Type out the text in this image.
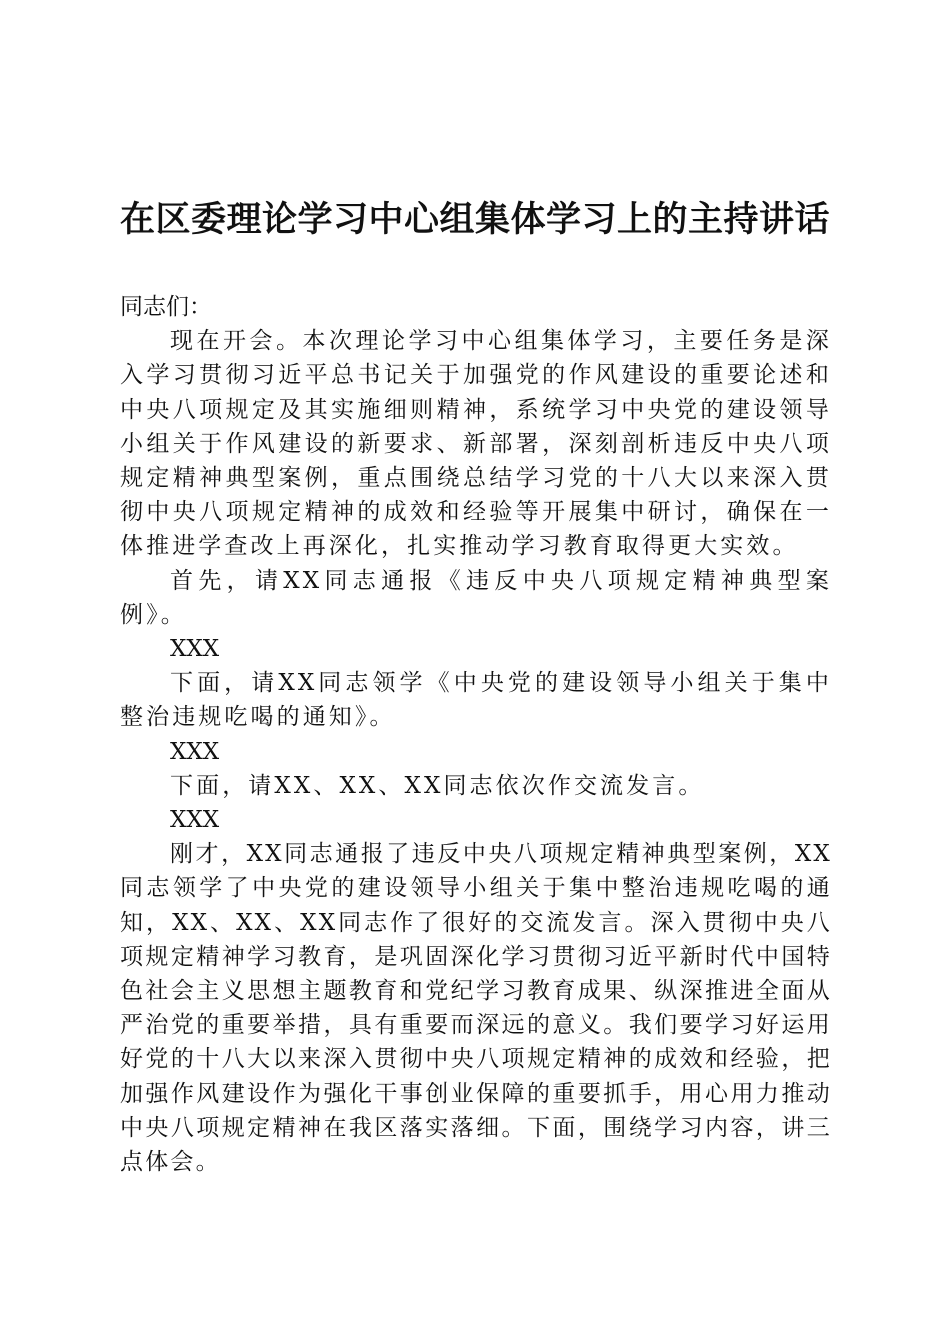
在区委理论学习中心组集体学习上的主持讲话

同志们：

现在开会。本次理论学习中心组集体学习，主要任务是深入学习贯彻习近平总书记关于加强党的作风建设的重要论述和中央八项规定及其实施细则精神，系统学习中央党的建设领导小组关于作风建设的新要求、新部署，深刻剖析违反中央八项规定精神典型案例，重点围绕总结学习党的十八大以来深入贯彻中央八项规定精神的成效和经验等开展集中研讨，确保在一体推进学查改上再深化，扎实推动学习教育取得更大实效。

首先，请XX同志通报《违反中央八项规定精神典型案例》。

XXX

下面，请XX同志领学《中央党的建设领导小组关于集中整治违规吃喝的通知》。

XXX

下面，请XX、XX、XX同志依次作交流发言。

XXX

刚才，XX同志通报了违反中央八项规定精神典型案例，XX同志领学了中央党的建设领导小组关于集中整治违规吃喝的通知，XX、XX、XX同志作了很好的交流发言。深入贯彻中央八项规定精神学习教育，是巩固深化学习贯彻习近平新时代中国特色社会主义思想主题教育和党纪学习教育成果、纵深推进全面从严治党的重要举措，具有重要而深远的意义。我们要学习好运用好党的十八大以来深入贯彻中央八项规定精神的成效和经验，把加强作风建设作为强化干事创业保障的重要抓手，用心用力推动中央八项规定精神在我区落实落细。下面，围绕学习内容，讲三点体会。
